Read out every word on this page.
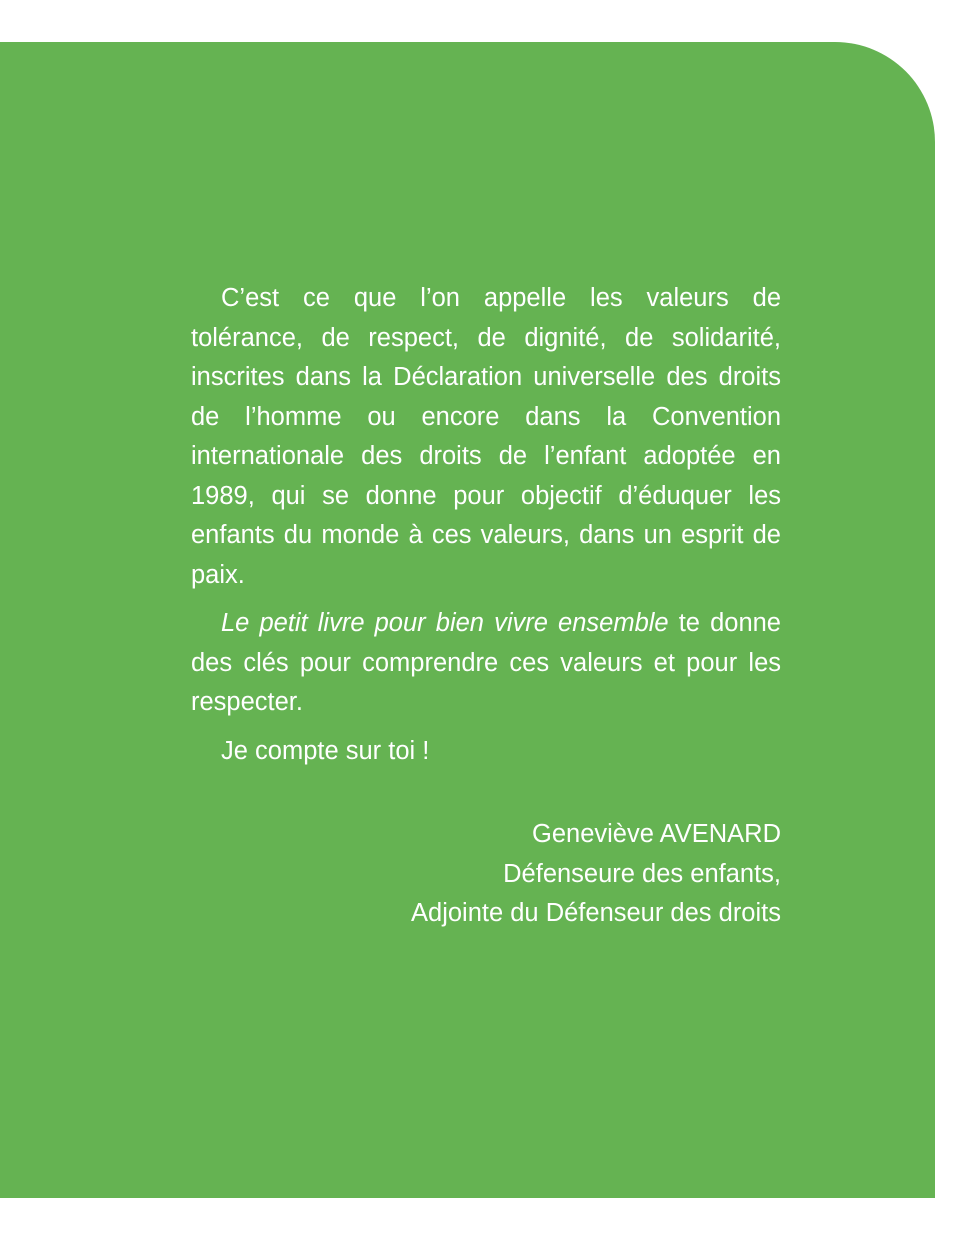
C’est ce que l’on appelle les valeurs de tolérance, de respect, de dignité, de solidarité, inscrites dans la Déclaration universelle des droits de l’homme ou encore dans la Convention internationale des droits de l’enfant adoptée en 1989, qui se donne pour objectif d’éduquer les enfants du monde à ces valeurs, dans un esprit de paix.

Le petit livre pour bien vivre ensemble te donne des clés pour comprendre ces valeurs et pour les respecter.

Je compte sur toi !

Geneviève AVENARD
Défenseure des enfants,
Adjointe du Défenseur des droits
